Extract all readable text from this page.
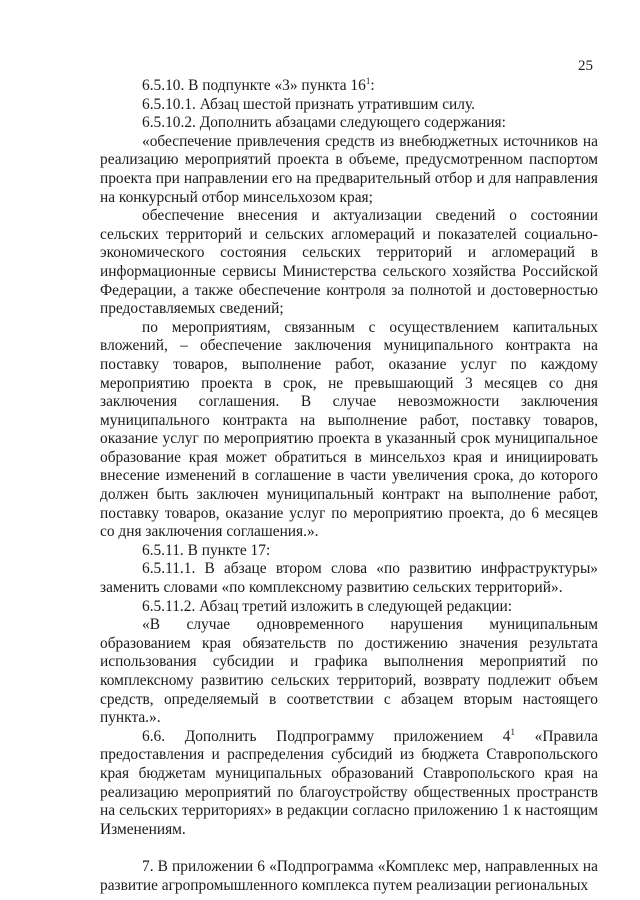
25

6.5.10. В подпункте «3» пункта $16^1$:

6.5.10.1. Абзац шестой признать утратившим силу.

6.5.10.2. Дополнить абзацами следующего содержания:

«обеспечение привлечения средств из внебюджетных источников на реализацию мероприятий проекта в объеме, предусмотренном паспортом проекта при направлении его на предварительный отбор и для направления на конкурсный отбор минсельхозом края;

обеспечение внесения и актуализации сведений о состоянии сельских территорий и сельских агломераций и показателей социально-экономического состояния сельских территорий и агломераций в информационные сервисы Министерства сельского хозяйства Российской Федерации, а также обеспечение контроля за полнотой и достоверностью предоставляемых сведений;

по мероприятиям, связанным с осуществлением капитальных вложений, – обеспечение заключения муниципального контракта на поставку товаров, выполнение работ, оказание услуг по каждому мероприятию проекта в срок, не превышающий 3 месяцев со дня заключения соглашения. В случае невозможности заключения муниципального контракта на выполнение работ, поставку товаров, оказание услуг по мероприятию проекта в указанный срок муниципальное образование края может обратиться в минсельхоз края и инициировать внесение изменений в соглашение в части увеличения срока, до которого должен быть заключен муниципальный контракт на выполнение работ, поставку товаров, оказание услуг по мероприятию проекта, до 6 месяцев со дня заключения соглашения.».

6.5.11. В пункте 17:

6.5.11.1. В абзаце втором слова «по развитию инфраструктуры» заменить словами «по комплексному развитию сельских территорий».

6.5.11.2. Абзац третий изложить в следующей редакции:

«В случае одновременного нарушения муниципальным образованием края обязательств по достижению значения результата использования субсидии и графика выполнения мероприятий по комплексному развитию сельских территорий, возврату подлежит объем средств, определяемый в соответствии с абзацем вторым настоящего пункта.».

6.6. Дополнить Подпрограмму приложением $4^1$ «Правила предоставления и распределения субсидий из бюджета Ставропольского края бюджетам муниципальных образований Ставропольского края на реализацию мероприятий по благоустройству общественных пространств на сельских территориях» в редакции согласно приложению 1 к настоящим Изменениям.

7. В приложении 6 «Подпрограмма «Комплекс мер, направленных на развитие агропромышленного комплекса путем реализации региональных
